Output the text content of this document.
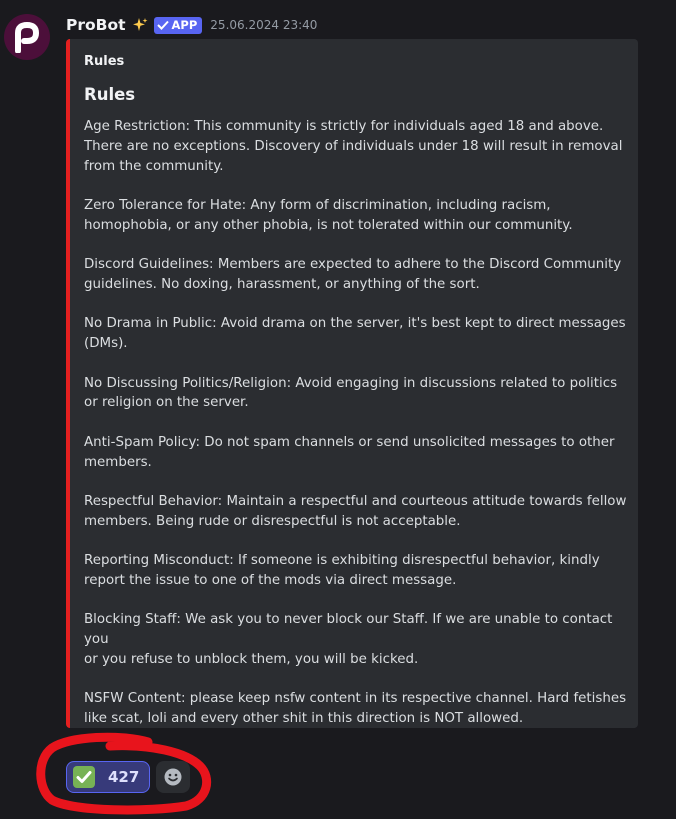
ProBot	APP 25.06.2024 23:40
Rules
Rules

Age Restriction: This community is strictly for individuals aged 18 and above.
There are no exceptions. Discovery of individuals under 18 will result in removal
from the community.

Zero Tolerance for Hate: Any form of discrimination, including racism,
homophobia, or any other phobia, is not tolerated within our community.

Discord Guidelines: Members are expected to adhere to the Discord Community
guidelines. No doxing, harassment, or anything of the sort.

No Drama in Public: Avoid drama on the server, it's best kept to direct messages
(DMs).

No Discussing Politics/Religion: Avoid engaging in discussions related to politics
or religion on the server.

Anti-Spam Policy: Do not spam channels or send unsolicited messages to other
members.

Respectful Behavior: Maintain a respectful and courteous attitude towards fellow
members. Being rude or disrespectful is not acceptable.

Reporting Misconduct: If someone is exhibiting disrespectful behavior, kindly
report the issue to one of the mods via direct message.

Blocking Staff: We ask you to never block our Staff. If we are unable to contact you
or you refuse to unblock them, you will be kicked.

NSFW Content: please keep nsfw content in its respective channel. Hard fetishes
like scat, loli and every other shit in this direction is NOT allowed.

427
